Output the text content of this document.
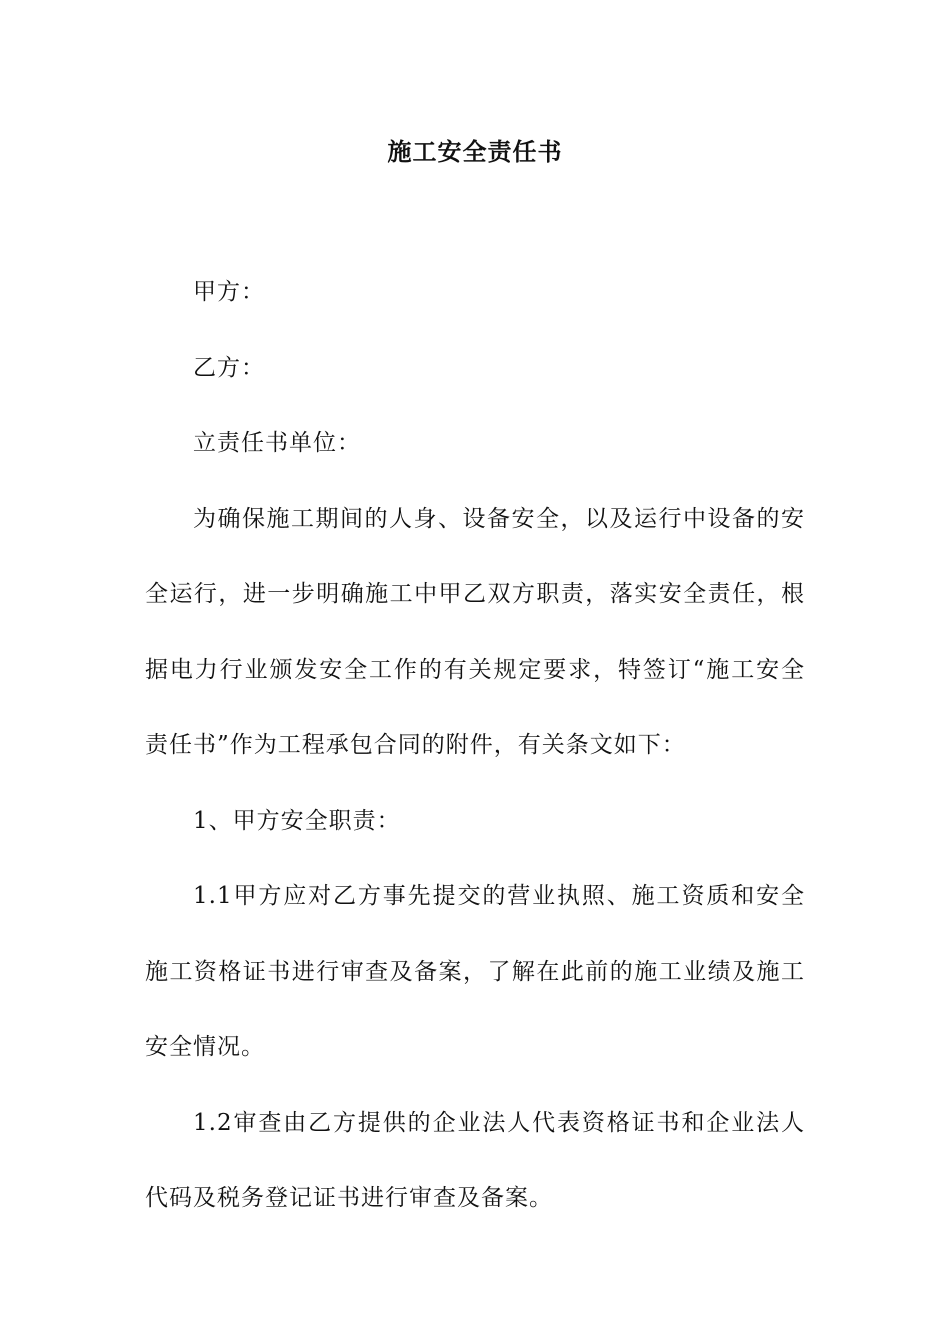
施工安全责任书

甲方：

乙方：

立责任书单位：

为确保施工期间的人身、设备安全，以及运行中设备的安全运行，进一步明确施工中甲乙双方职责，落实安全责任，根据电力行业颁发安全工作的有关规定要求，特签订“施工安全责任书”作为工程承包合同的附件，有关条文如下：

1、甲方安全职责：

1.1甲方应对乙方事先提交的营业执照、施工资质和安全施工资格证书进行审查及备案，了解在此前的施工业绩及施工安全情况。

1.2审查由乙方提供的企业法人代表资格证书和企业法人代码及税务登记证书进行审查及备案。
